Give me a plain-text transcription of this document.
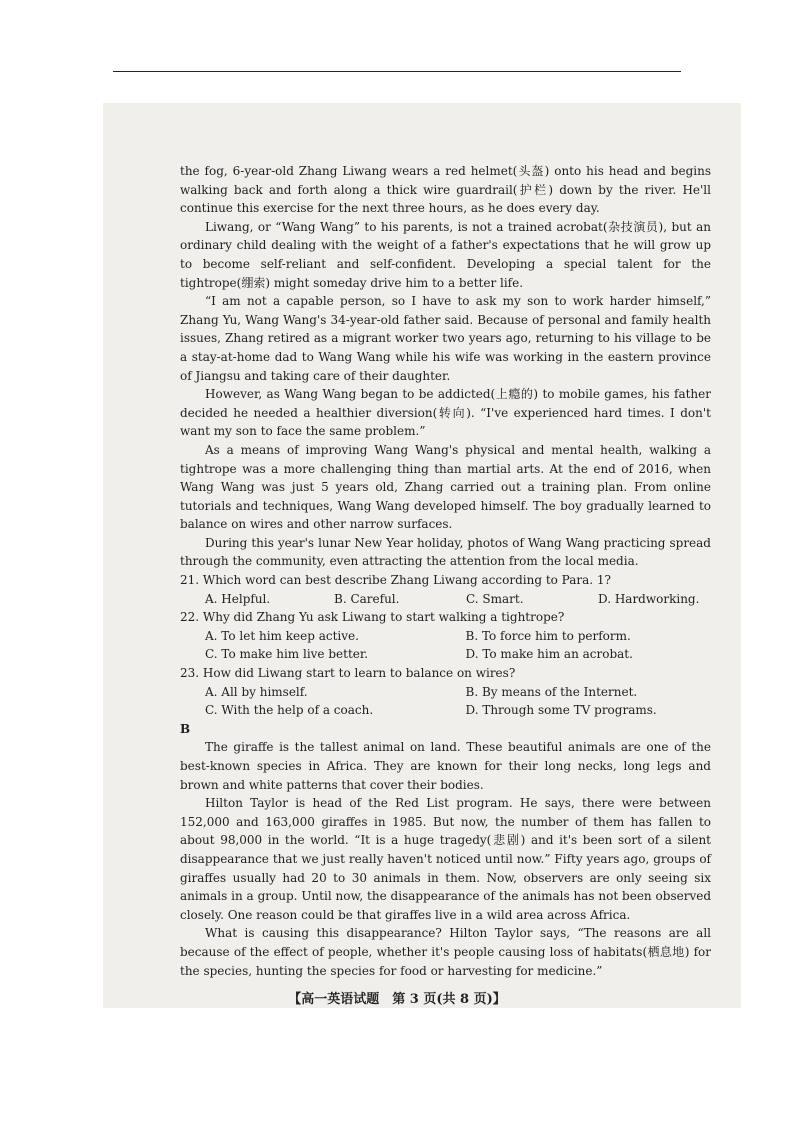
the fog, 6-year-old Zhang Liwang wears a red helmet(头盔) onto his head and begins walking back and forth along a thick wire guardrail(护栏) down by the river. He'll continue this exercise for the next three hours, as he does every day.

Liwang, or “Wang Wang” to his parents, is not a trained acrobat(杂技演员), but an ordinary child dealing with the weight of a father's expectations that he will grow up to become self-reliant and self-confident. Developing a special talent for the tightrope(绷索) might someday drive him to a better life.

“I am not a capable person, so I have to ask my son to work harder himself,” Zhang Yu, Wang Wang's 34-year-old father said. Because of personal and family health issues, Zhang retired as a migrant worker two years ago, returning to his village to be a stay-at-home dad to Wang Wang while his wife was working in the eastern province of Jiangsu and taking care of their daughter.

However, as Wang Wang began to be addicted(上瘾的) to mobile games, his father decided he needed a healthier diversion(转向). “I've experienced hard times. I don't want my son to face the same problem.”

As a means of improving Wang Wang's physical and mental health, walking a tightrope was a more challenging thing than martial arts. At the end of 2016, when Wang Wang was just 5 years old, Zhang carried out a training plan. From online tutorials and techniques, Wang Wang developed himself. The boy gradually learned to balance on wires and other narrow surfaces.

During this year's lunar New Year holiday, photos of Wang Wang practicing spread through the community, even attracting the attention from the local media.

21. Which word can best describe Zhang Liwang according to Para. 1?

A. Helpful.	B. Careful.	C. Smart.	D. Hardworking.

22. Why did Zhang Yu ask Liwang to start walking a tightrope?

A. To let him keep active.	B. To force him to perform.
C. To make him live better.	D. To make him an acrobat.

23. How did Liwang start to learn to balance on wires?

A. All by himself.	B. By means of the Internet.
C. With the help of a coach.	D. Through some TV programs.

B

The giraffe is the tallest animal on land. These beautiful animals are one of the best-known species in Africa. They are known for their long necks, long legs and brown and white patterns that cover their bodies.

Hilton Taylor is head of the Red List program. He says, there were between 152,000 and 163,000 giraffes in 1985. But now, the number of them has fallen to about 98,000 in the world. “It is a huge tragedy(悲剧) and it's been sort of a silent disappearance that we just really haven't noticed until now.” Fifty years ago, groups of giraffes usually had 20 to 30 animals in them. Now, observers are only seeing six animals in a group. Until now, the disappearance of the animals has not been observed closely. One reason could be that giraffes live in a wild area across Africa.

What is causing this disappearance? Hilton Taylor says, “The reasons are all because of the effect of people, whether it's people causing loss of habitats(栖息地) for the species, hunting the species for food or harvesting for medicine.”

【高一英语试题　第 3 页(共 8 页)】
